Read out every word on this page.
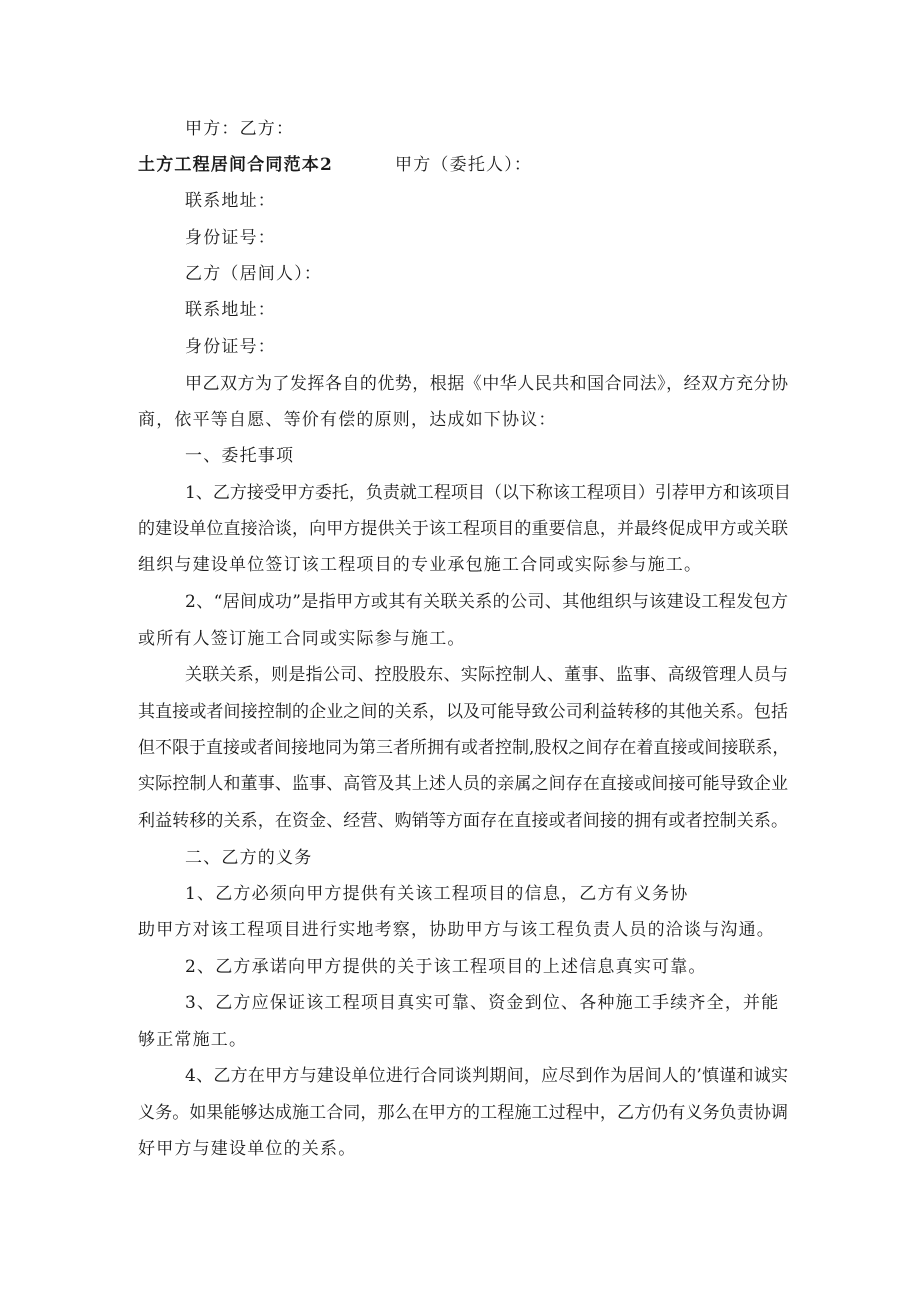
甲方：乙方：
土方工程居间合同范本2	甲方（委托人）：
联系地址：
身份证号：
乙方（居间人）：
联系地址：
身份证号：
甲乙双方为了发挥各自的优势，根据《中华人民共和国合同法》，经双方充分协
商，依平等自愿、等价有偿的原则，达成如下协议：
一、委托事项
1、乙方接受甲方委托，负责就工程项目（以下称该工程项目）引荐甲方和该项目
的建设单位直接洽谈，向甲方提供关于该工程项目的重要信息，并最终促成甲方或关联
组织与建设单位签订该工程项目的专业承包施工合同或实际参与施工。
2、“居间成功”是指甲方或其有关联关系的公司、其他组织与该建设工程发包方
或所有人签订施工合同或实际参与施工。
关联关系，则是指公司、控股股东、实际控制人、董事、监事、高级管理人员与
其直接或者间接控制的企业之间的关系，以及可能导致公司利益转移的其他关系。包括
但不限于直接或者间接地同为第三者所拥有或者控制,股权之间存在着直接或间接联系，
实际控制人和董事、监事、高管及其上述人员的亲属之间存在直接或间接可能导致企业
利益转移的关系，在资金、经营、购销等方面存在直接或者间接的拥有或者控制关系。
二、乙方的义务
1、乙方必须向甲方提供有关该工程项目的信息，乙方有义务协
助甲方对该工程项目进行实地考察，协助甲方与该工程负责人员的洽谈与沟通。
2、乙方承诺向甲方提供的关于该工程项目的上述信息真实可靠。
3、乙方应保证该工程项目真实可靠、资金到位、各种施工手续齐全，并能
够正常施工。
4、乙方在甲方与建设单位进行合同谈判期间，应尽到作为居间人的’慎谨和诚实
义务。如果能够达成施工合同，那么在甲方的工程施工过程中，乙方仍有义务负责协调
好甲方与建设单位的关系。
